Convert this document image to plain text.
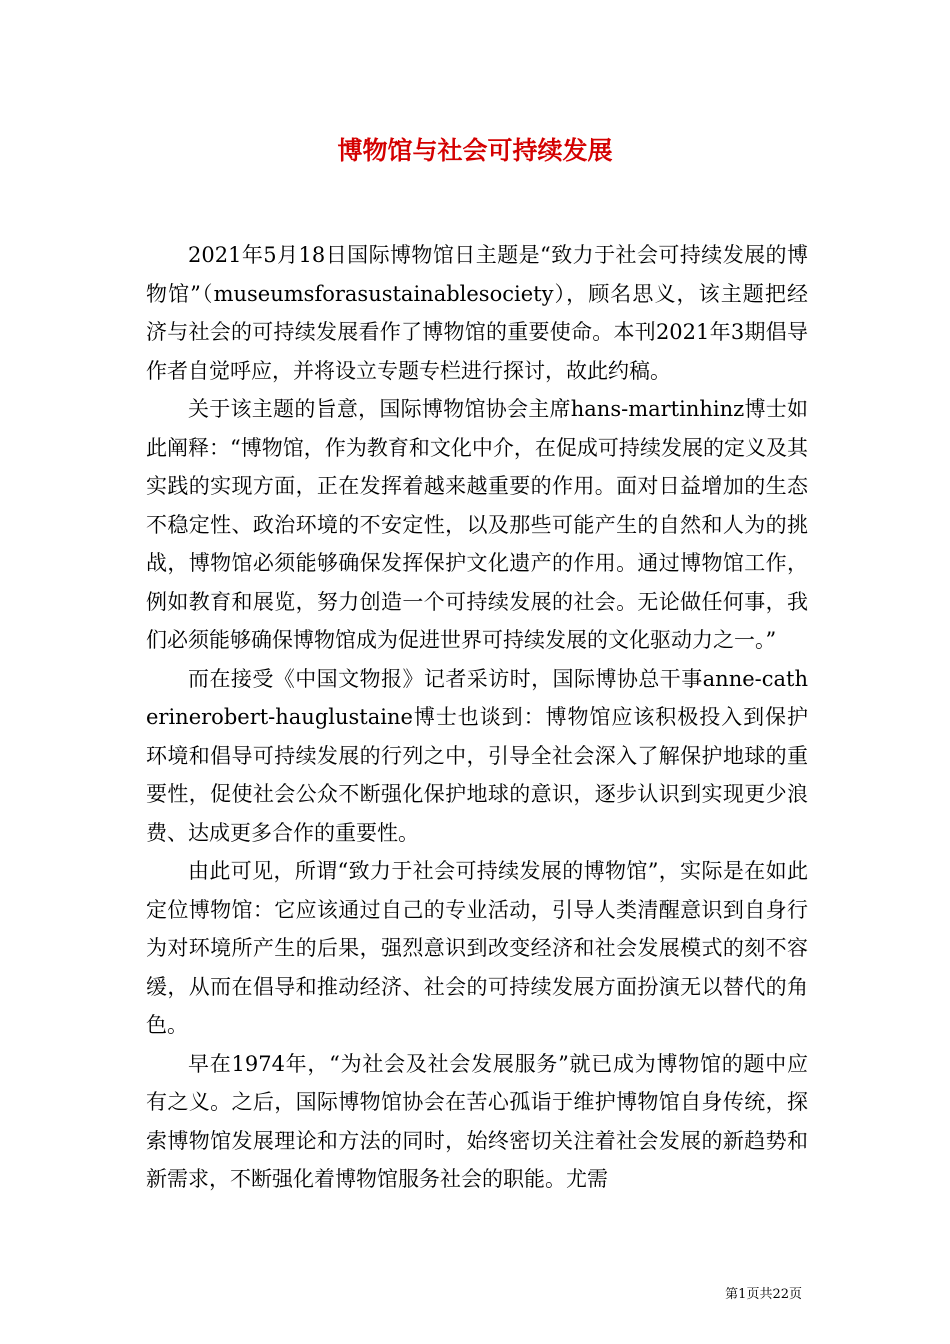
博物馆与社会可持续发展

2021年5月18日国际博物馆日主题是“致力于社会可持续发展的博物馆”（museumsforasustainablesociety），顾名思义，该主题把经济与社会的可持续发展看作了博物馆的重要使命。本刊2021年3期倡导作者自觉呼应，并将设立专题专栏进行探讨，故此约稿。

关于该主题的旨意，国际博物馆协会主席hans-martinhinz博士如此阐释：“博物馆，作为教育和文化中介，在促成可持续发展的定义及其实践的实现方面，正在发挥着越来越重要的作用。面对日益增加的生态不稳定性、政治环境的不安定性，以及那些可能产生的自然和人为的挑战，博物馆必须能够确保发挥保护文化遗产的作用。通过博物馆工作，例如教育和展览，努力创造一个可持续发展的社会。无论做任何事，我们必须能够确保博物馆成为促进世界可持续发展的文化驱动力之一。”

而在接受《中国文物报》记者采访时，国际博协总干事anne-catherinerobert-hauglustaine博士也谈到：博物馆应该积极投入到保护环境和倡导可持续发展的行列之中，引导全社会深入了解保护地球的重要性，促使社会公众不断强化保护地球的意识，逐步认识到实现更少浪费、达成更多合作的重要性。

由此可见，所谓“致力于社会可持续发展的博物馆”，实际是在如此定位博物馆：它应该通过自己的专业活动，引导人类清醒意识到自身行为对环境所产生的后果，强烈意识到改变经济和社会发展模式的刻不容缓，从而在倡导和推动经济、社会的可持续发展方面扮演无以替代的角色。

早在1974年，“为社会及社会发展服务”就已成为博物馆的题中应有之义。之后，国际博物馆协会在苦心孤诣于维护博物馆自身传统，探索博物馆发展理论和方法的同时，始终密切关注着社会发展的新趋势和新需求，不断强化着博物馆服务社会的职能。尤需

第1页共22页
